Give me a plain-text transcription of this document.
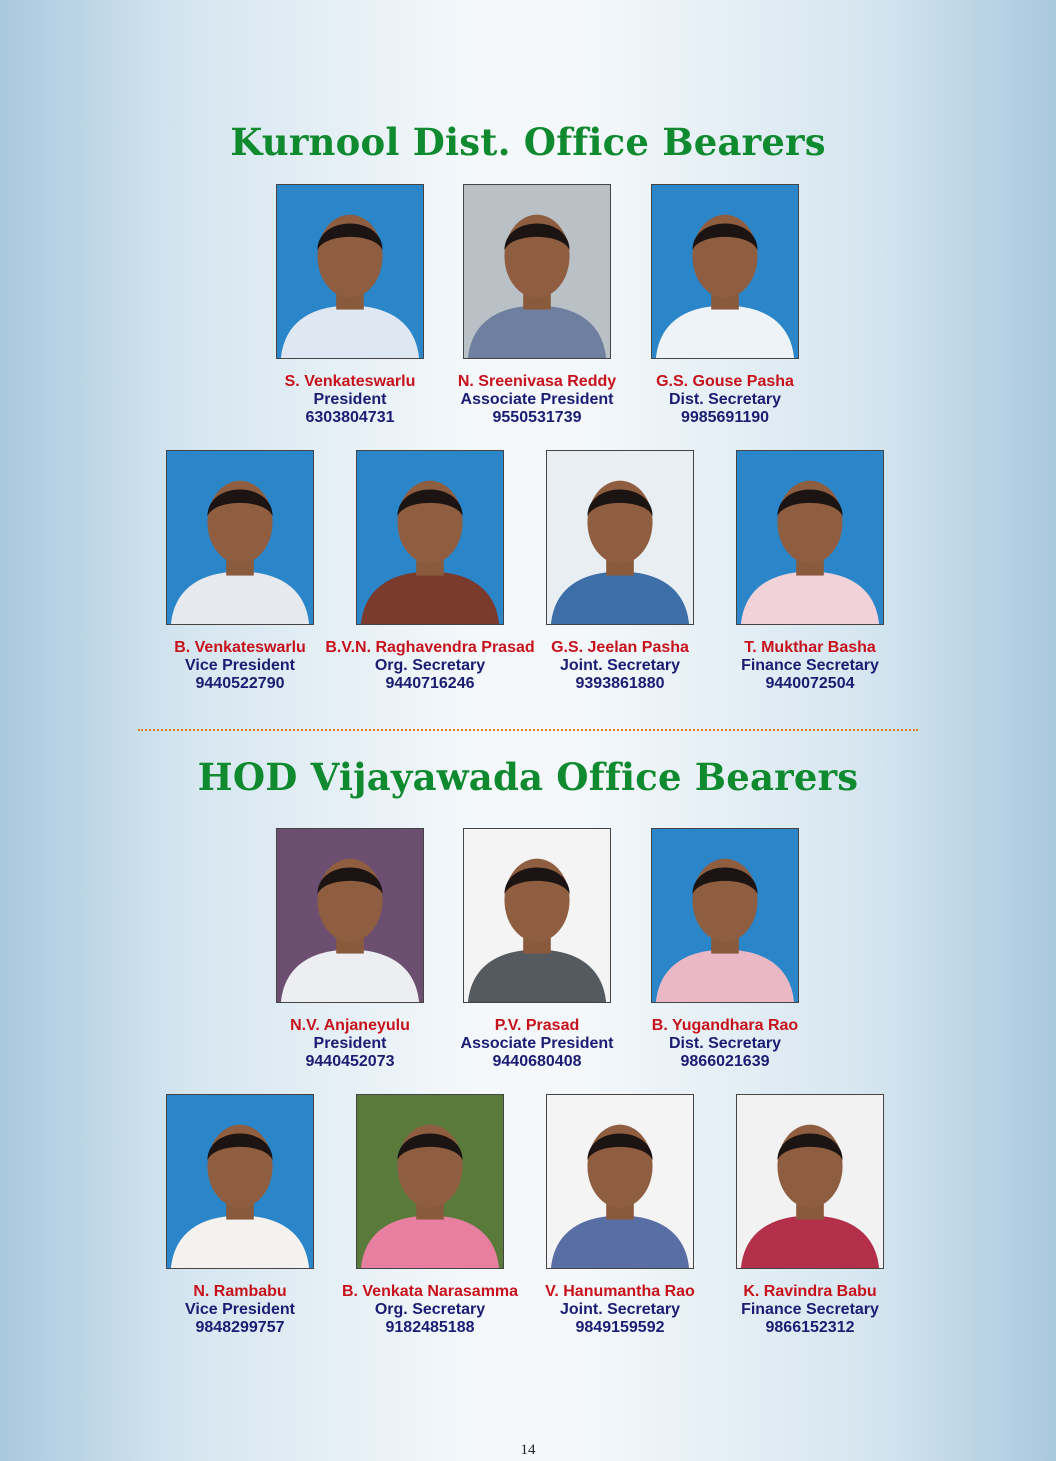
Kurnool Dist. Office Bearers
S. Venkateswarlu
President
6303804731
N. Sreenivasa Reddy
Associate President
9550531739
G.S. Gouse Pasha
Dist. Secretary
9985691190
B. Venkateswarlu
Vice President
9440522790
B.V.N. Raghavendra Prasad
Org. Secretary
9440716246
G.S. Jeelan Pasha
Joint. Secretary
9393861880
T. Mukthar Basha
Finance Secretary
9440072504
HOD Vijayawada Office Bearers
N.V. Anjaneyulu
President
9440452073
P.V. Prasad
Associate President
9440680408
B. Yugandhara Rao
Dist. Secretary
9866021639
N. Rambabu
Vice President
9848299757
B. Venkata Narasamma
Org. Secretary
9182485188
V. Hanumantha Rao
Joint. Secretary
9849159592
K. Ravindra Babu
Finance Secretary
9866152312
14
